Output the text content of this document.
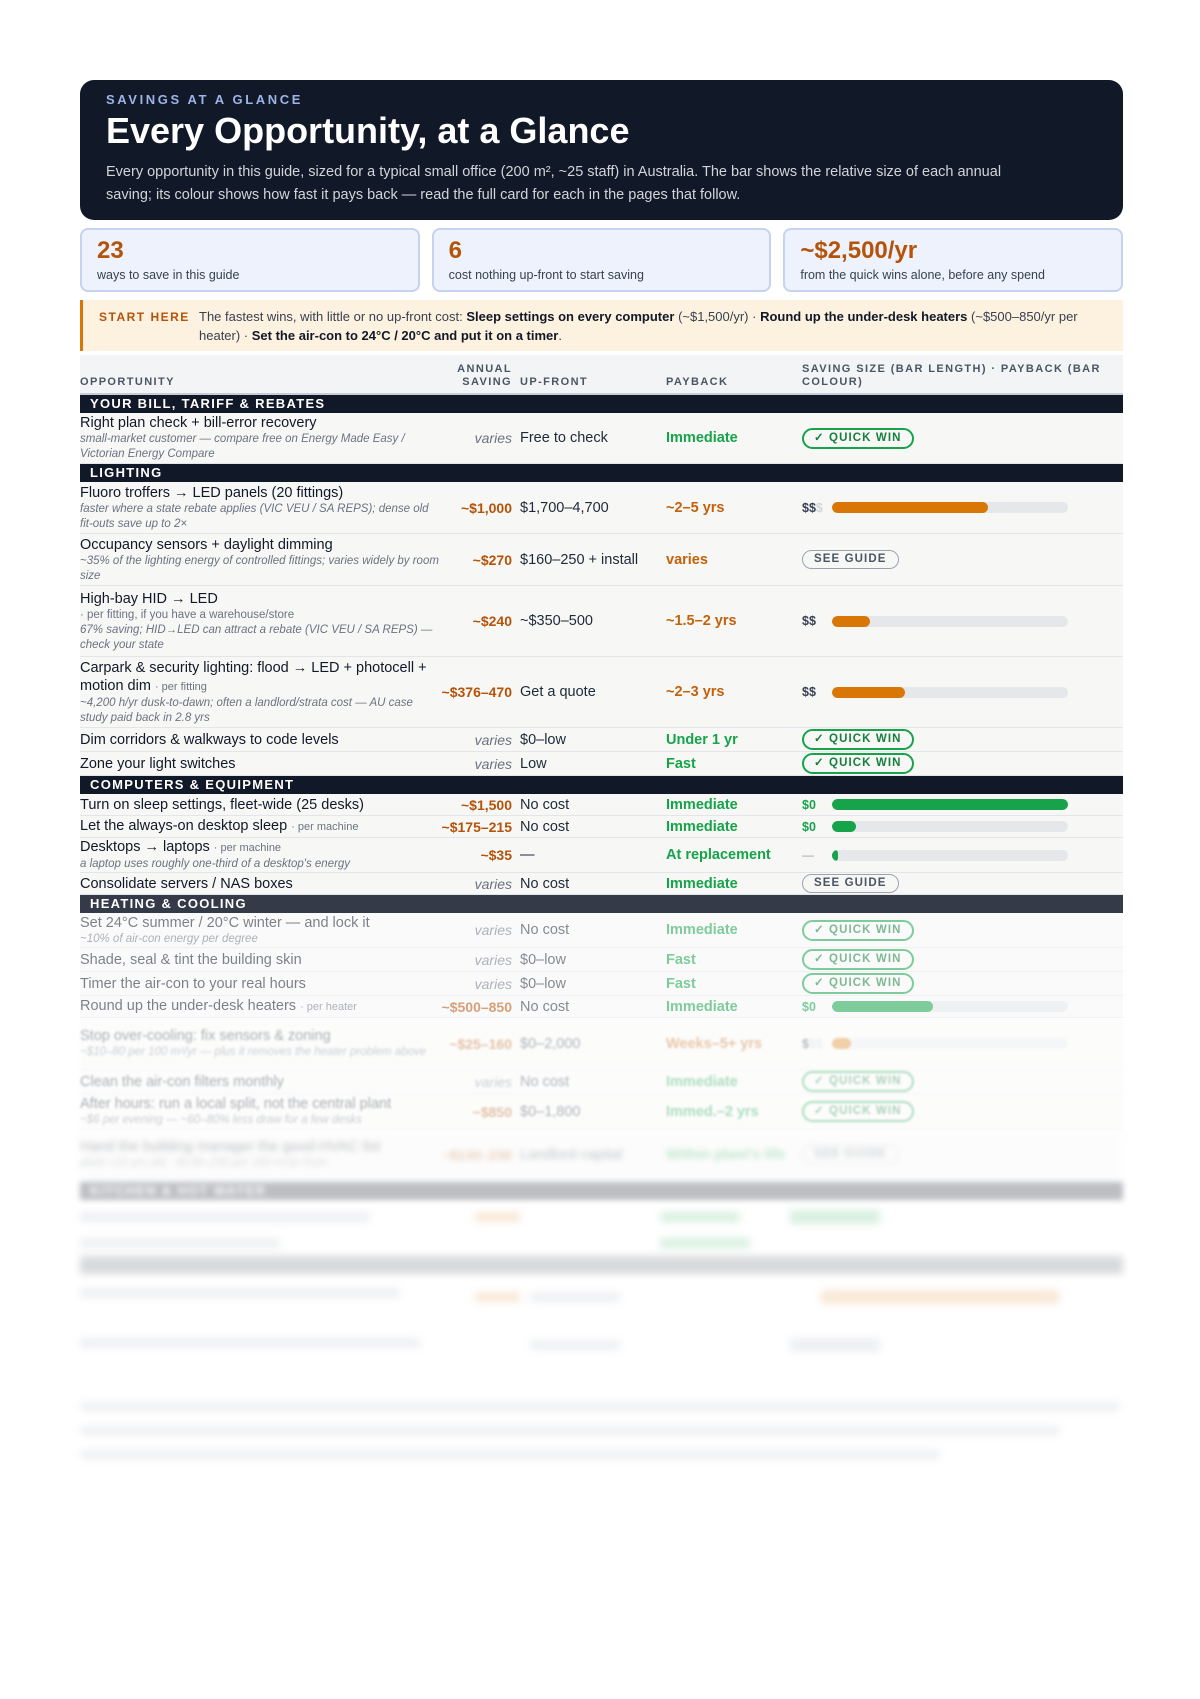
SAVINGS AT A GLANCE
Every Opportunity, at a Glance

Every opportunity in this guide, sized for a typical small office (200 m², ~25 staff) in Australia. The bar shows the relative size of each annual saving; its colour shows how fast it pays back — read the full card for each in the pages that follow.

23
ways to save in this guide
6
cost nothing up-front to start saving
~$2,500/yr
from the quick wins alone, before any spend
START HERE The fastest wins, with little or no up-front cost: Sleep settings on every computer (~$1,500/yr) · Round up the under-desk heaters (~$500–850/yr per heater) · Set the air-con to 24°C / 20°C and put it on a timer.
OPPORTUNITY
ANNUAL SAVING UP-FRONT	PAYBACK
SAVING SIZE (BAR LENGTH) · PAYBACK (BAR COLOUR)
YOUR BILL, TARIFF & REBATES
Right plan check + bill-error recovery
small-market customer — compare free on Energy Made Easy / Victorian Energy Compare
varies Free to check	Immediate	✓ QUICK WIN
LIGHTING
Fluoro troffers → LED panels (20 fittings)
faster where a state rebate applies (VIC VEU / SA REPS); dense old fit-outs save up to 2×
~$1,000 $1,700–4,700	~2–5 yrs	$$$
Occupancy sensors + daylight dimming
~35% of the lighting energy of controlled fittings; varies widely by room size
~$270 $160–250 + install	varies	SEE GUIDE
High-bay HID → LED
· per fitting, if you have a warehouse/store
67% saving; HID→LED can attract a rebate (VIC VEU / SA REPS) — check your state
~$240 ~$350–500	~1.5–2 yrs	$$
Carpark & security lighting: flood → LED + photocell + motion dim · per fitting
~4,200 h/yr dusk-to-dawn; often a landlord/strata cost — AU case study paid back in 2.8 yrs
~$376–470 Get a quote	~2–3 yrs	$$
Dim corridors & walkways to code levels	varies $0–low	Under 1 yr	✓ QUICK WIN
Zone your light switches	varies Low	Fast	✓ QUICK WIN
COMPUTERS & EQUIPMENT
Turn on sleep settings, fleet-wide (25 desks)	~$1,500 No cost	Immediate	$0
Let the always-on desktop sleep · per machine	~$175–215 No cost	Immediate	$0
Desktops → laptops · per machine
a laptop uses roughly one-third of a desktop's energy
~$35 —	At replacement	—
Consolidate servers / NAS boxes	varies No cost	Immediate	SEE GUIDE
HEATING & COOLING
Set 24°C summer / 20°C winter — and lock it
~10% of air-con energy per degree
varies No cost	Immediate	✓ QUICK WIN
Shade, seal & tint the building skin	varies $0–low	Fast	✓ QUICK WIN
Timer the air-con to your real hours	varies $0–low	Fast	✓ QUICK WIN
Round up the under-desk heaters · per heater	~$500–850 No cost	Immediate	$0
Stop over-cooling: fix sensors & zoning
~$10–80 per 100 m²/yr — plus it removes the heater problem above
~$25–160 $0–2,000	Weeks–5+ yrs	$$$
Clean the air-con filters monthly	varies No cost	Immediate	✓ QUICK WIN
After hours: run a local split, not the central plant
~$6 per evening — ~60–80% less draw for a few desks
~$850 $0–1,800	Immed.–2 yrs	✓ QUICK WIN
Hand the building manager the good-HVAC list
plant >10 yrs old; ~$130–230 per 100 m²/yr from
~$130–230 Landlord capital	Within plant's life	SEE GUIDE
KITCHEN & HOT WATER
